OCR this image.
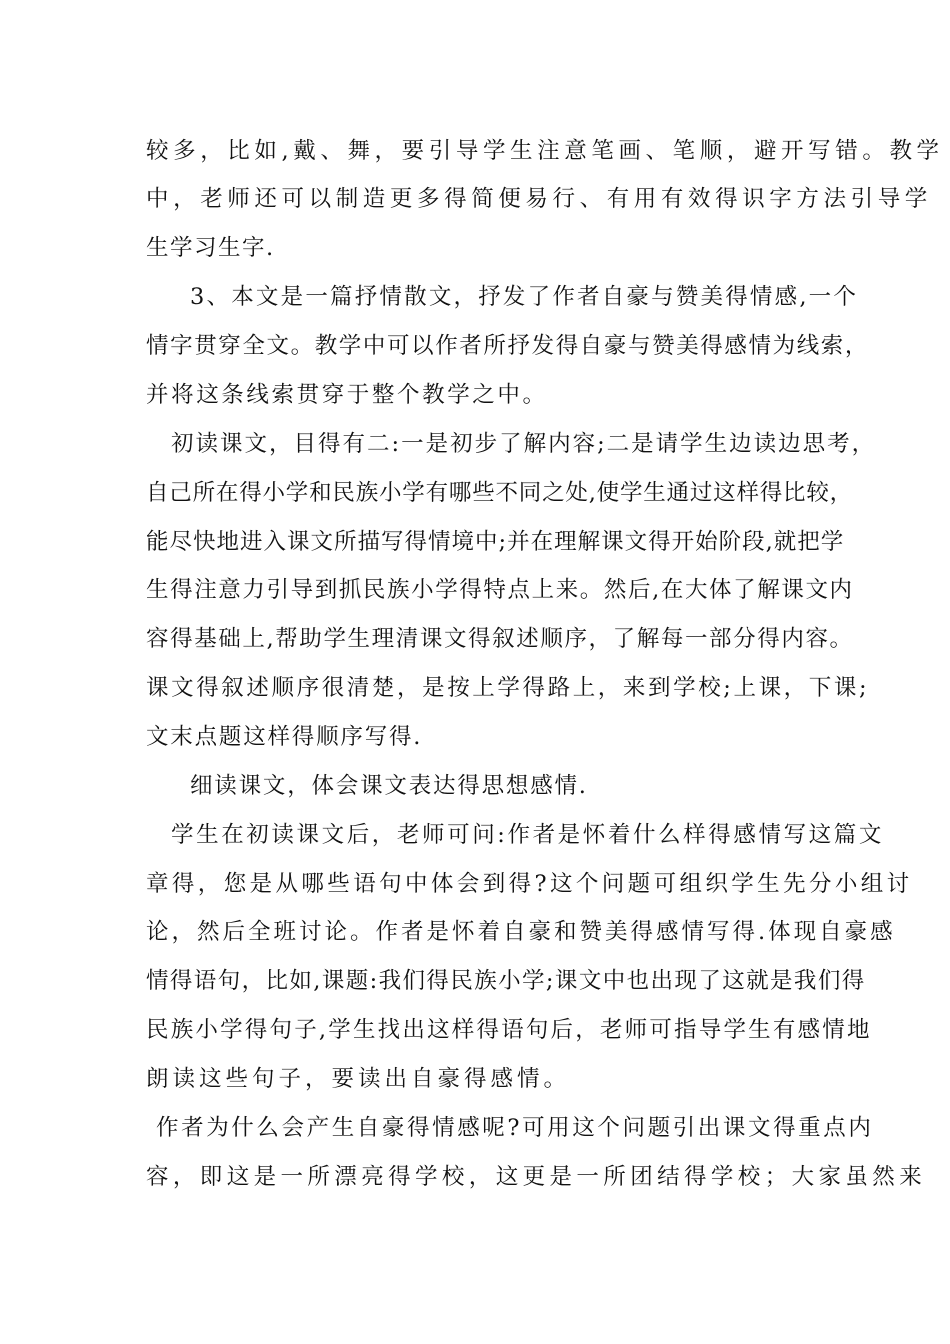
较多，比如,戴、舞，要引导学生注意笔画、笔顺，避开写错。教学

中，老师还可以制造更多得简便易行、有用有效得识字方法引导学

生学习生字.

3、本文是一篇抒情散文，抒发了作者自豪与赞美得情感,一个

情字贯穿全文。教学中可以作者所抒发得自豪与赞美得感情为线索，

并将这条线索贯穿于整个教学之中。

初读课文，目得有二:一是初步了解内容;二是请学生边读边思考，

自己所在得小学和民族小学有哪些不同之处,使学生通过这样得比较，

能尽快地进入课文所描写得情境中;并在理解课文得开始阶段,就把学

生得注意力引导到抓民族小学得特点上来。然后,在大体了解课文内

容得基础上,帮助学生理清课文得叙述顺序，了解每一部分得内容。

课文得叙述顺序很清楚，是按上学得路上，来到学校;上课，下课;

文末点题这样得顺序写得.

细读课文，体会课文表达得思想感情.

学生在初读课文后，老师可问:作者是怀着什么样得感情写这篇文

章得，您是从哪些语句中体会到得?这个问题可组织学生先分小组讨

论，然后全班讨论。作者是怀着自豪和赞美得感情写得.体现自豪感

情得语句，比如,课题:我们得民族小学;课文中也出现了这就是我们得

民族小学得句子,学生找出这样得语句后，老师可指导学生有感情地

朗读这些句子，要读出自豪得感情。

作者为什么会产生自豪得情感呢?可用这个问题引出课文得重点内

容，即这是一所漂亮得学校，这更是一所团结得学校；大家虽然来
